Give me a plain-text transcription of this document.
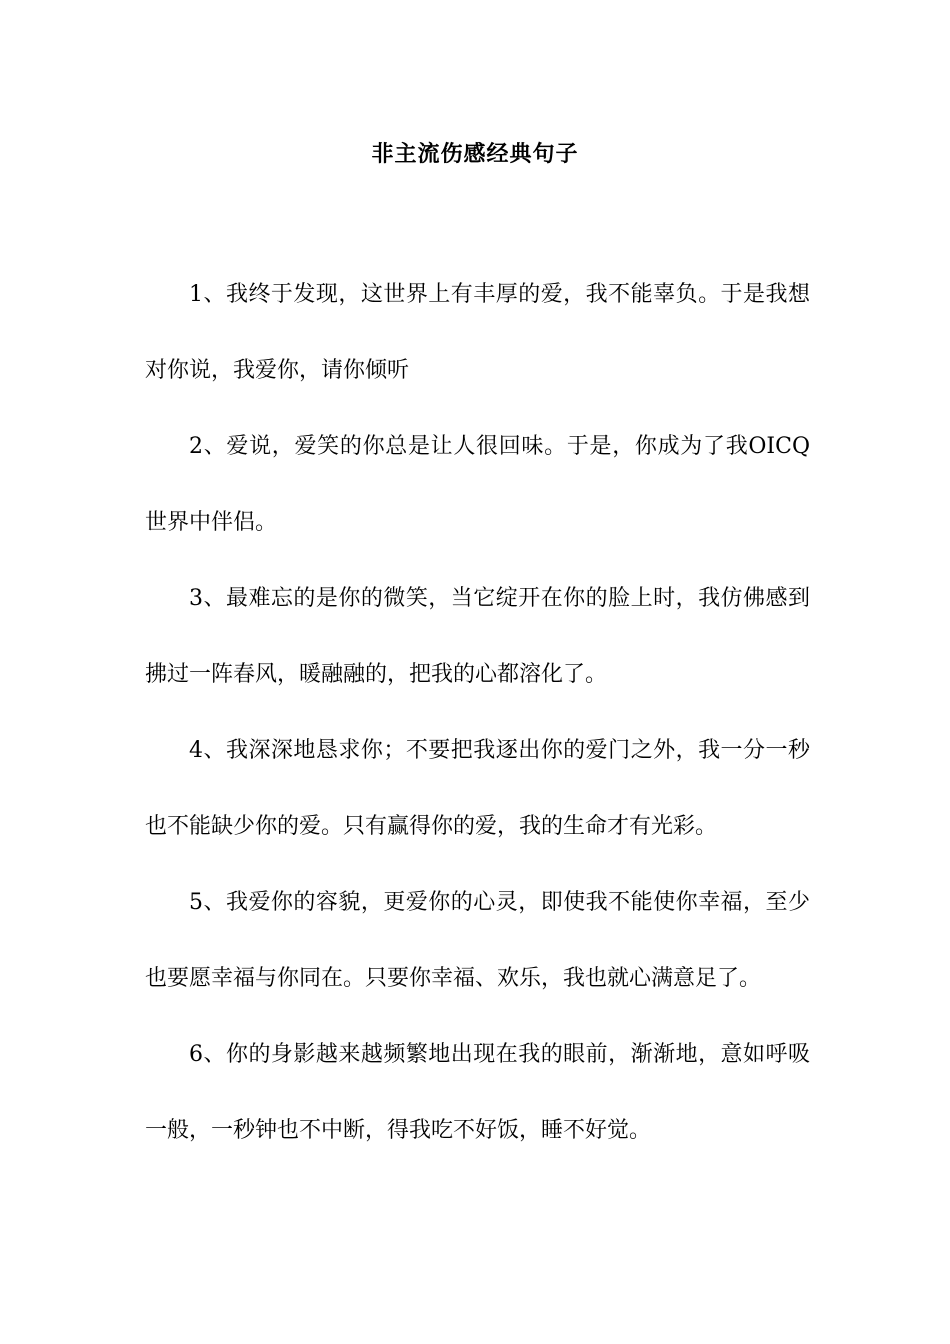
非主流伤感经典句子

1、我终于发现，这世界上有丰厚的爱，我不能辜负。于是我想对你说，我爱你，请你倾听

2、爱说，爱笑的你总是让人很回味。于是，你成为了我OICQ世界中伴侣。

3、最难忘的是你的微笑，当它绽开在你的脸上时，我仿佛感到拂过一阵春风，暖融融的，把我的心都溶化了。

4、我深深地恳求你；不要把我逐出你的爱门之外，我一分一秒也不能缺少你的爱。只有赢得你的爱，我的生命才有光彩。

5、我爱你的容貌，更爱你的心灵，即使我不能使你幸福，至少也要愿幸福与你同在。只要你幸福、欢乐，我也就心满意足了。

6、你的身影越来越频繁地出现在我的眼前，渐渐地，意如呼吸一般，一秒钟也不中断，得我吃不好饭，睡不好觉。
